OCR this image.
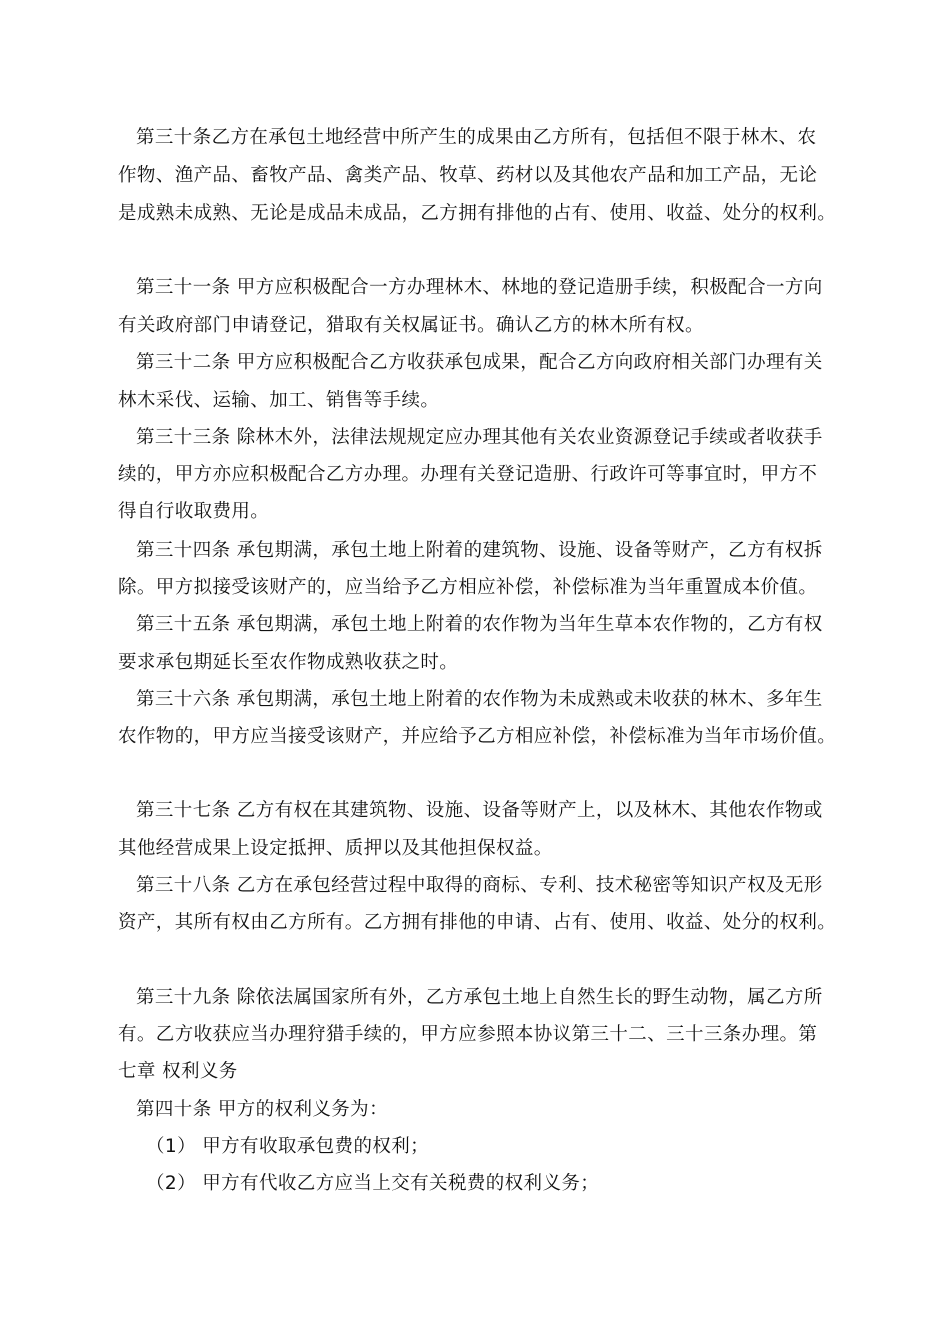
第三十条乙方在承包土地经营中所产生的成果由乙方所有，包括但不限于林木、农
作物、渔产品、畜牧产品、禽类产品、牧草、药材以及其他农产品和加工产品，无论
是成熟未成熟、无论是成品未成品，乙方拥有排他的占有、使用、收益、处分的权利。
第三十一条 甲方应积极配合一方办理林木、林地的登记造册手续，积极配合一方向
有关政府部门申请登记，猎取有关权属证书。确认乙方的林木所有权。
第三十二条 甲方应积极配合乙方收获承包成果，配合乙方向政府相关部门办理有关
林木采伐、运输、加工、销售等手续。
第三十三条 除林木外，法律法规规定应办理其他有关农业资源登记手续或者收获手
续的，甲方亦应积极配合乙方办理。办理有关登记造册、行政许可等事宜时，甲方不
得自行收取费用。
第三十四条 承包期满，承包土地上附着的建筑物、设施、设备等财产，乙方有权拆
除。甲方拟接受该财产的，应当给予乙方相应补偿，补偿标准为当年重置成本价值。
第三十五条 承包期满，承包土地上附着的农作物为当年生草本农作物的，乙方有权
要求承包期延长至农作物成熟收获之时。
第三十六条 承包期满，承包土地上附着的农作物为未成熟或未收获的林木、多年生
农作物的，甲方应当接受该财产，并应给予乙方相应补偿，补偿标准为当年市场价值。
第三十七条 乙方有权在其建筑物、设施、设备等财产上，以及林木、其他农作物或
其他经营成果上设定抵押、质押以及其他担保权益。
第三十八条 乙方在承包经营过程中取得的商标、专利、技术秘密等知识产权及无形
资产，其所有权由乙方所有。乙方拥有排他的申请、占有、使用、收益、处分的权利。
第三十九条 除依法属国家所有外，乙方承包土地上自然生长的野生动物，属乙方所
有。乙方收获应当办理狩猎手续的，甲方应参照本协议第三十二、三十三条办理。第
七章 权利义务
第四十条 甲方的权利义务为：
（1） 甲方有收取承包费的权利；
（2） 甲方有代收乙方应当上交有关税费的权利义务；
